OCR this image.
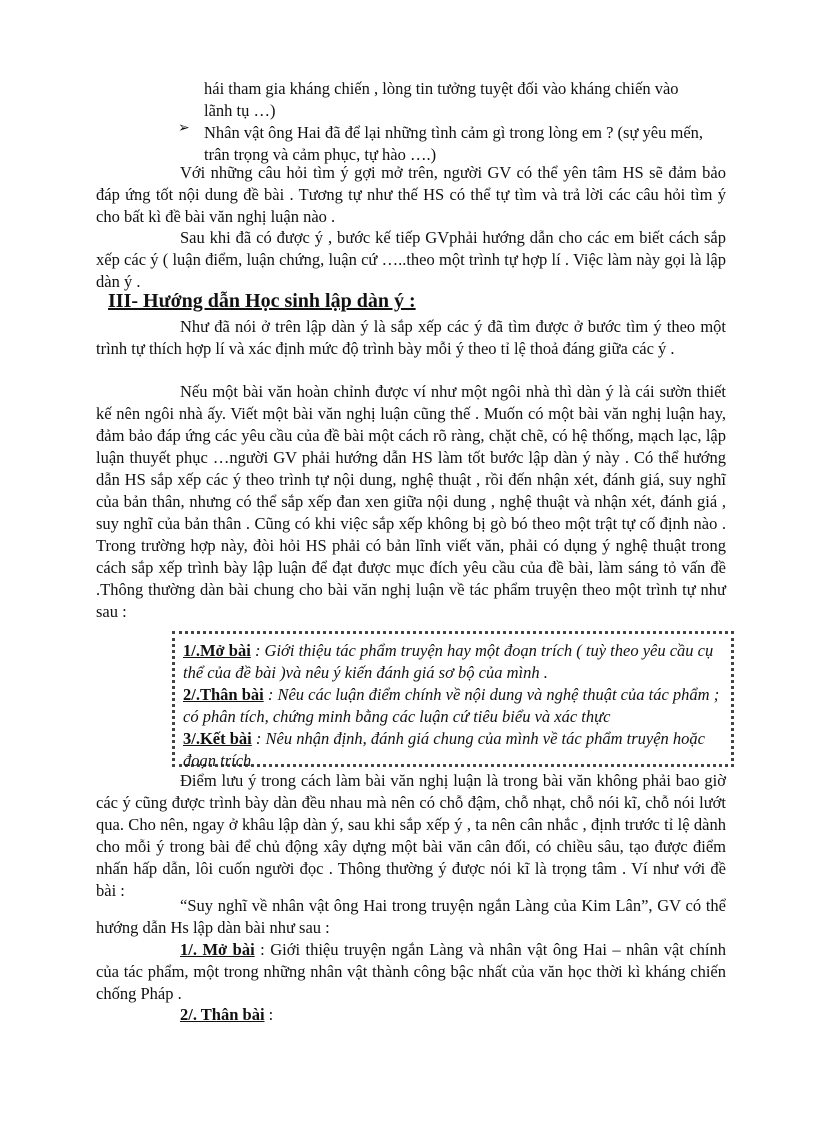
hái tham gia kháng chiến , lòng tin tưởng tuyệt đối vào kháng chiến vào
lãnh tụ …)
➢ Nhân vật ông Hai đã để lại những tình cảm gì trong lòng em ? (sự yêu mến,
trân trọng và cảm phục, tự hào ….)
Với những câu hỏi tìm ý gợi mở trên, người GV có thể yên tâm HS sẽ đảm bảo đáp ứng tốt nội dung đề bài . Tương tự như thế HS có thể tự tìm và trả lời các câu hỏi tìm ý cho bất kì đề bài văn nghị luận nào .
Sau khi đã có được ý , bước kế tiếp GVphải hướng dẫn cho các em biết cách sắp xếp các ý ( luận điểm, luận chứng, luận cứ …..theo một trình tự hợp lí . Việc làm này gọi là lập dàn ý .
III- Hướng dẫn Học sinh lập dàn ý :
Như đã nói ở trên lập dàn ý là sắp xếp các ý đã tìm được ở bước tìm ý theo một trình tự thích hợp lí và xác định mức độ trình bày mỗi ý theo tỉ lệ thoả đáng giữa các ý .
Nếu một bài văn hoàn chỉnh được ví như một ngôi nhà thì dàn ý là cái sườn thiết kế nên ngôi nhà ấy. Viết một bài văn nghị luận cũng thế . Muốn có một bài văn nghị luận hay, đảm bảo đáp ứng các yêu cầu của đề bài một cách rõ ràng, chặt chẽ, có hệ thống, mạch lạc, lập luận thuyết phục …người GV phải hướng dẫn HS làm tốt bước lập dàn ý này . Có thể hướng dẫn HS sắp xếp các ý theo trình tự nội dung, nghệ thuật , rồi đến nhận xét, đánh giá, suy nghĩ của bản thân, nhưng có thể sắp xếp đan xen giữa nội dung , nghệ thuật và nhận xét, đánh giá , suy nghĩ của bản thân . Cũng có khi việc sắp xếp không bị gò bó theo một trật tự cố định nào . Trong trường hợp này, đòi hỏi HS phải có bản lĩnh viết văn, phải có dụng ý nghệ thuật trong cách sắp xếp trình bày lập luận để đạt được mục đích yêu cầu của đề bài, làm sáng tỏ vấn đề .Thông thường dàn bài chung cho bài văn nghị luận về tác phẩm truyện theo một trình tự như sau :
1/.Mở bài : Giới thiệu tác phẩm truyện hay một đoạn trích ( tuỳ theo yêu cầu cụ thể của đề bài )và nêu ý kiến đánh giá sơ bộ của mình .
2/.Thân bài : Nêu các luận điểm chính về nội dung và nghệ thuật của tác phẩm ; có phân tích, chứng minh bằng các luận cứ tiêu biểu và xác thực
3/.Kết bài : Nêu nhận định, đánh giá chung của mình về tác phẩm truyện hoặc đoạn trích
Điểm lưu ý trong cách làm bài văn nghị luận là trong bài văn không phải bao giờ các ý cũng được trình bày dàn đều nhau mà nên có chỗ đậm, chỗ nhạt, chỗ nói kĩ, chỗ nói lướt qua. Cho nên, ngay ở khâu lập dàn ý, sau khi sắp xếp ý , ta nên cân nhắc , định trước tỉ lệ dành cho mỗi ý trong bài để chủ động xây dựng một bài văn cân đối, có chiều sâu, tạo được điểm nhấn hấp dẫn, lôi cuốn người đọc . Thông thường ý được nói kĩ là trọng tâm . Ví như với đề bài :
“Suy nghĩ về nhân vật ông Hai trong truyện ngắn Làng của Kim Lân”, GV có thể hướng dẫn Hs lập dàn bài như sau :
1/. Mở bài : Giới thiệu truyện ngắn Làng và nhân vật ông Hai – nhân vật chính của tác phẩm, một trong những nhân vật thành công bậc nhất của văn học thời kì kháng chiến chống Pháp .
2/. Thân bài :
